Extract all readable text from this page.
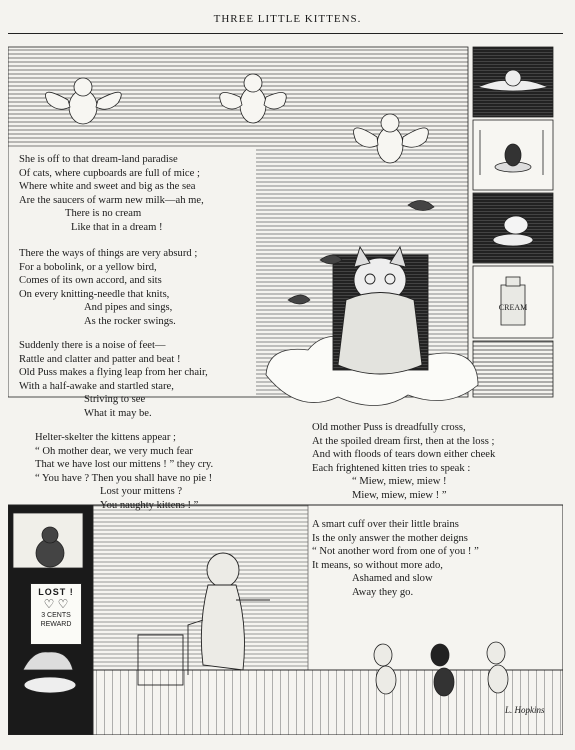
THREE LITTLE KITTENS.
CREAM
LOST !
♡ ♡
3 CENTS
REWARD
L. Hopkins
She is off to that dream-land paradise
Of cats, where cupboards are full of mice ;
Where white and sweet and big as the sea
Are the saucers of warm new milk—ah me,
There is no cream
Like that in a dream !
There the ways of things are very absurd ;
For a bobolink, or a yellow bird,
Comes of its own accord, and sits
On every knitting-needle that knits,
And pipes and sings,
As the rocker swings.
Suddenly there is a noise of feet—
Rattle and clatter and patter and beat !
Old Puss makes a flying leap from her chair,
With a half-awake and startled stare,
Striving to see
What it may be.
Helter-skelter the kittens appear ;
“ Oh mother dear, we very much fear
That we have lost our mittens ! ” they cry.
“ You have ? Then you shall have no pie !
Lost your mittens ?
You naughty kittens ! ”
Old mother Puss is dreadfully cross,
At the spoiled dream first, then at the loss ;
And with floods of tears down either cheek
Each frightened kitten tries to speak :
“ Miew, miew, miew !
Miew, miew, miew ! ”
A smart cuff over their little brains
Is the only answer the mother deigns
“ Not another word from one of you ! ”
It means, so without more ado,
Ashamed and slow
Away they go.
